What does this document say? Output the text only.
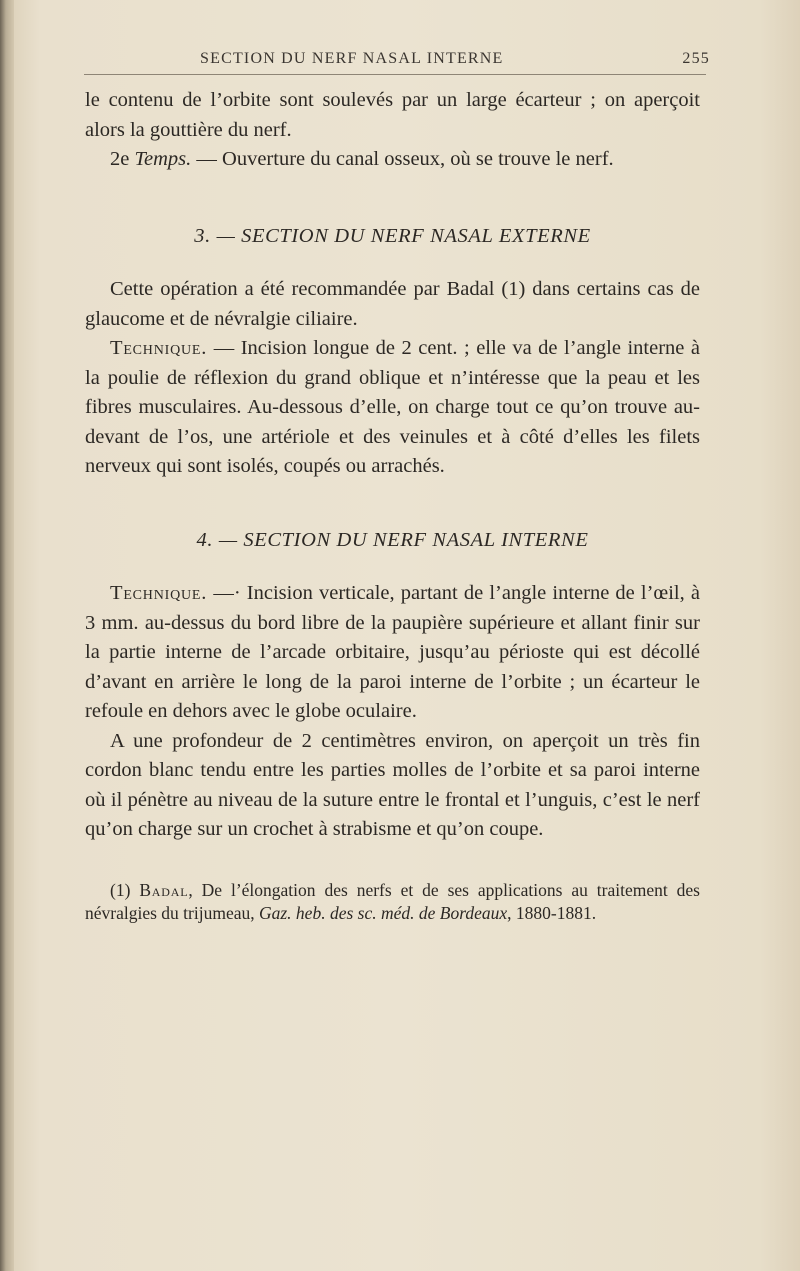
SECTION DU NERF NASAL INTERNE	255

le contenu de l’orbite sont soulevés par un large écarteur ; on aperçoit alors la gouttière du nerf.

2e Temps. — Ouverture du canal osseux, où se trouve le nerf.

3. — SECTION DU NERF NASAL EXTERNE

Cette opération a été recommandée par Badal (1) dans certains cas de glaucome et de névralgie ciliaire.

Technique. — Incision longue de 2 cent. ; elle va de l’angle interne à la poulie de réflexion du grand oblique et n’intéresse que la peau et les fibres musculaires. Au-dessous d’elle, on charge tout ce qu’on trouve au-devant de l’os, une artériole et des veinules et à côté d’elles les filets nerveux qui sont isolés, coupés ou arrachés.

4. — SECTION DU NERF NASAL INTERNE

Technique. —· Incision verticale, partant de l’angle interne de l’œil, à 3 mm. au-dessus du bord libre de la paupière supérieure et allant finir sur la partie interne de l’arcade orbitaire, jusqu’au périoste qui est décollé d’avant en arrière le long de la paroi interne de l’orbite ; un écarteur le refoule en dehors avec le globe oculaire.

A une profondeur de 2 centimètres environ, on aperçoit un très fin cordon blanc tendu entre les parties molles de l’orbite et sa paroi interne où il pénètre au niveau de la suture entre le frontal et l’unguis, c’est le nerf qu’on charge sur un crochet à strabisme et qu’on coupe.

(1) Badal, De l’élongation des nerfs et de ses applications au traitement des névralgies du trijumeau, Gaz. heb. des sc. méd. de Bordeaux, 1880-1881.
